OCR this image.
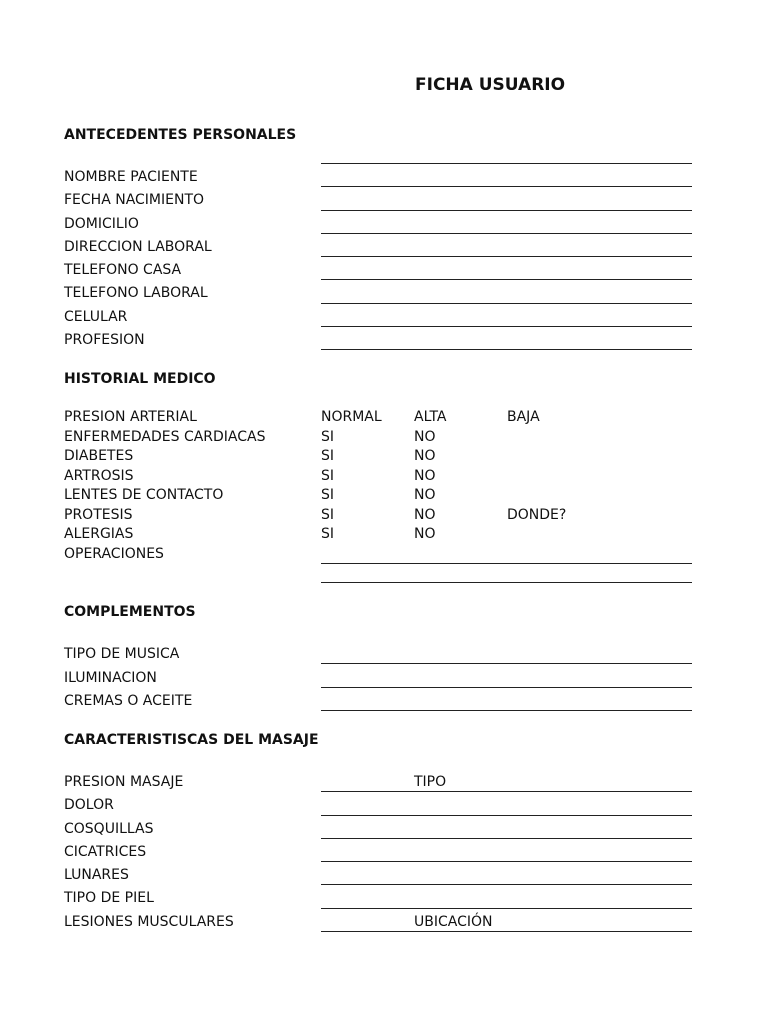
FICHA USUARIO
ANTECEDENTES PERSONALES
NOMBRE PACIENTE
FECHA NACIMIENTO
DOMICILIO
DIRECCION LABORAL
TELEFONO CASA
TELEFONO LABORAL
CELULAR
PROFESION
HISTORIAL MEDICO
PRESION ARTERIAL	NORMAL ALTA	BAJA
ENFERMEDADES CARDIACAS	SI	NO
DIABETES	SI	NO
ARTROSIS	SI	NO
LENTES DE CONTACTO	SI	NO
PROTESIS	SI	NO	DONDE?
ALERGIAS	SI	NO
OPERACIONES
COMPLEMENTOS
TIPO DE MUSICA
ILUMINACION
CREMAS O ACEITE
CARACTERISTISCAS DEL MASAJE
PRESION MASAJE	TIPO
DOLOR
COSQUILLAS
CICATRICES
LUNARES
TIPO DE PIEL
LESIONES MUSCULARES	UBICACIÓN
